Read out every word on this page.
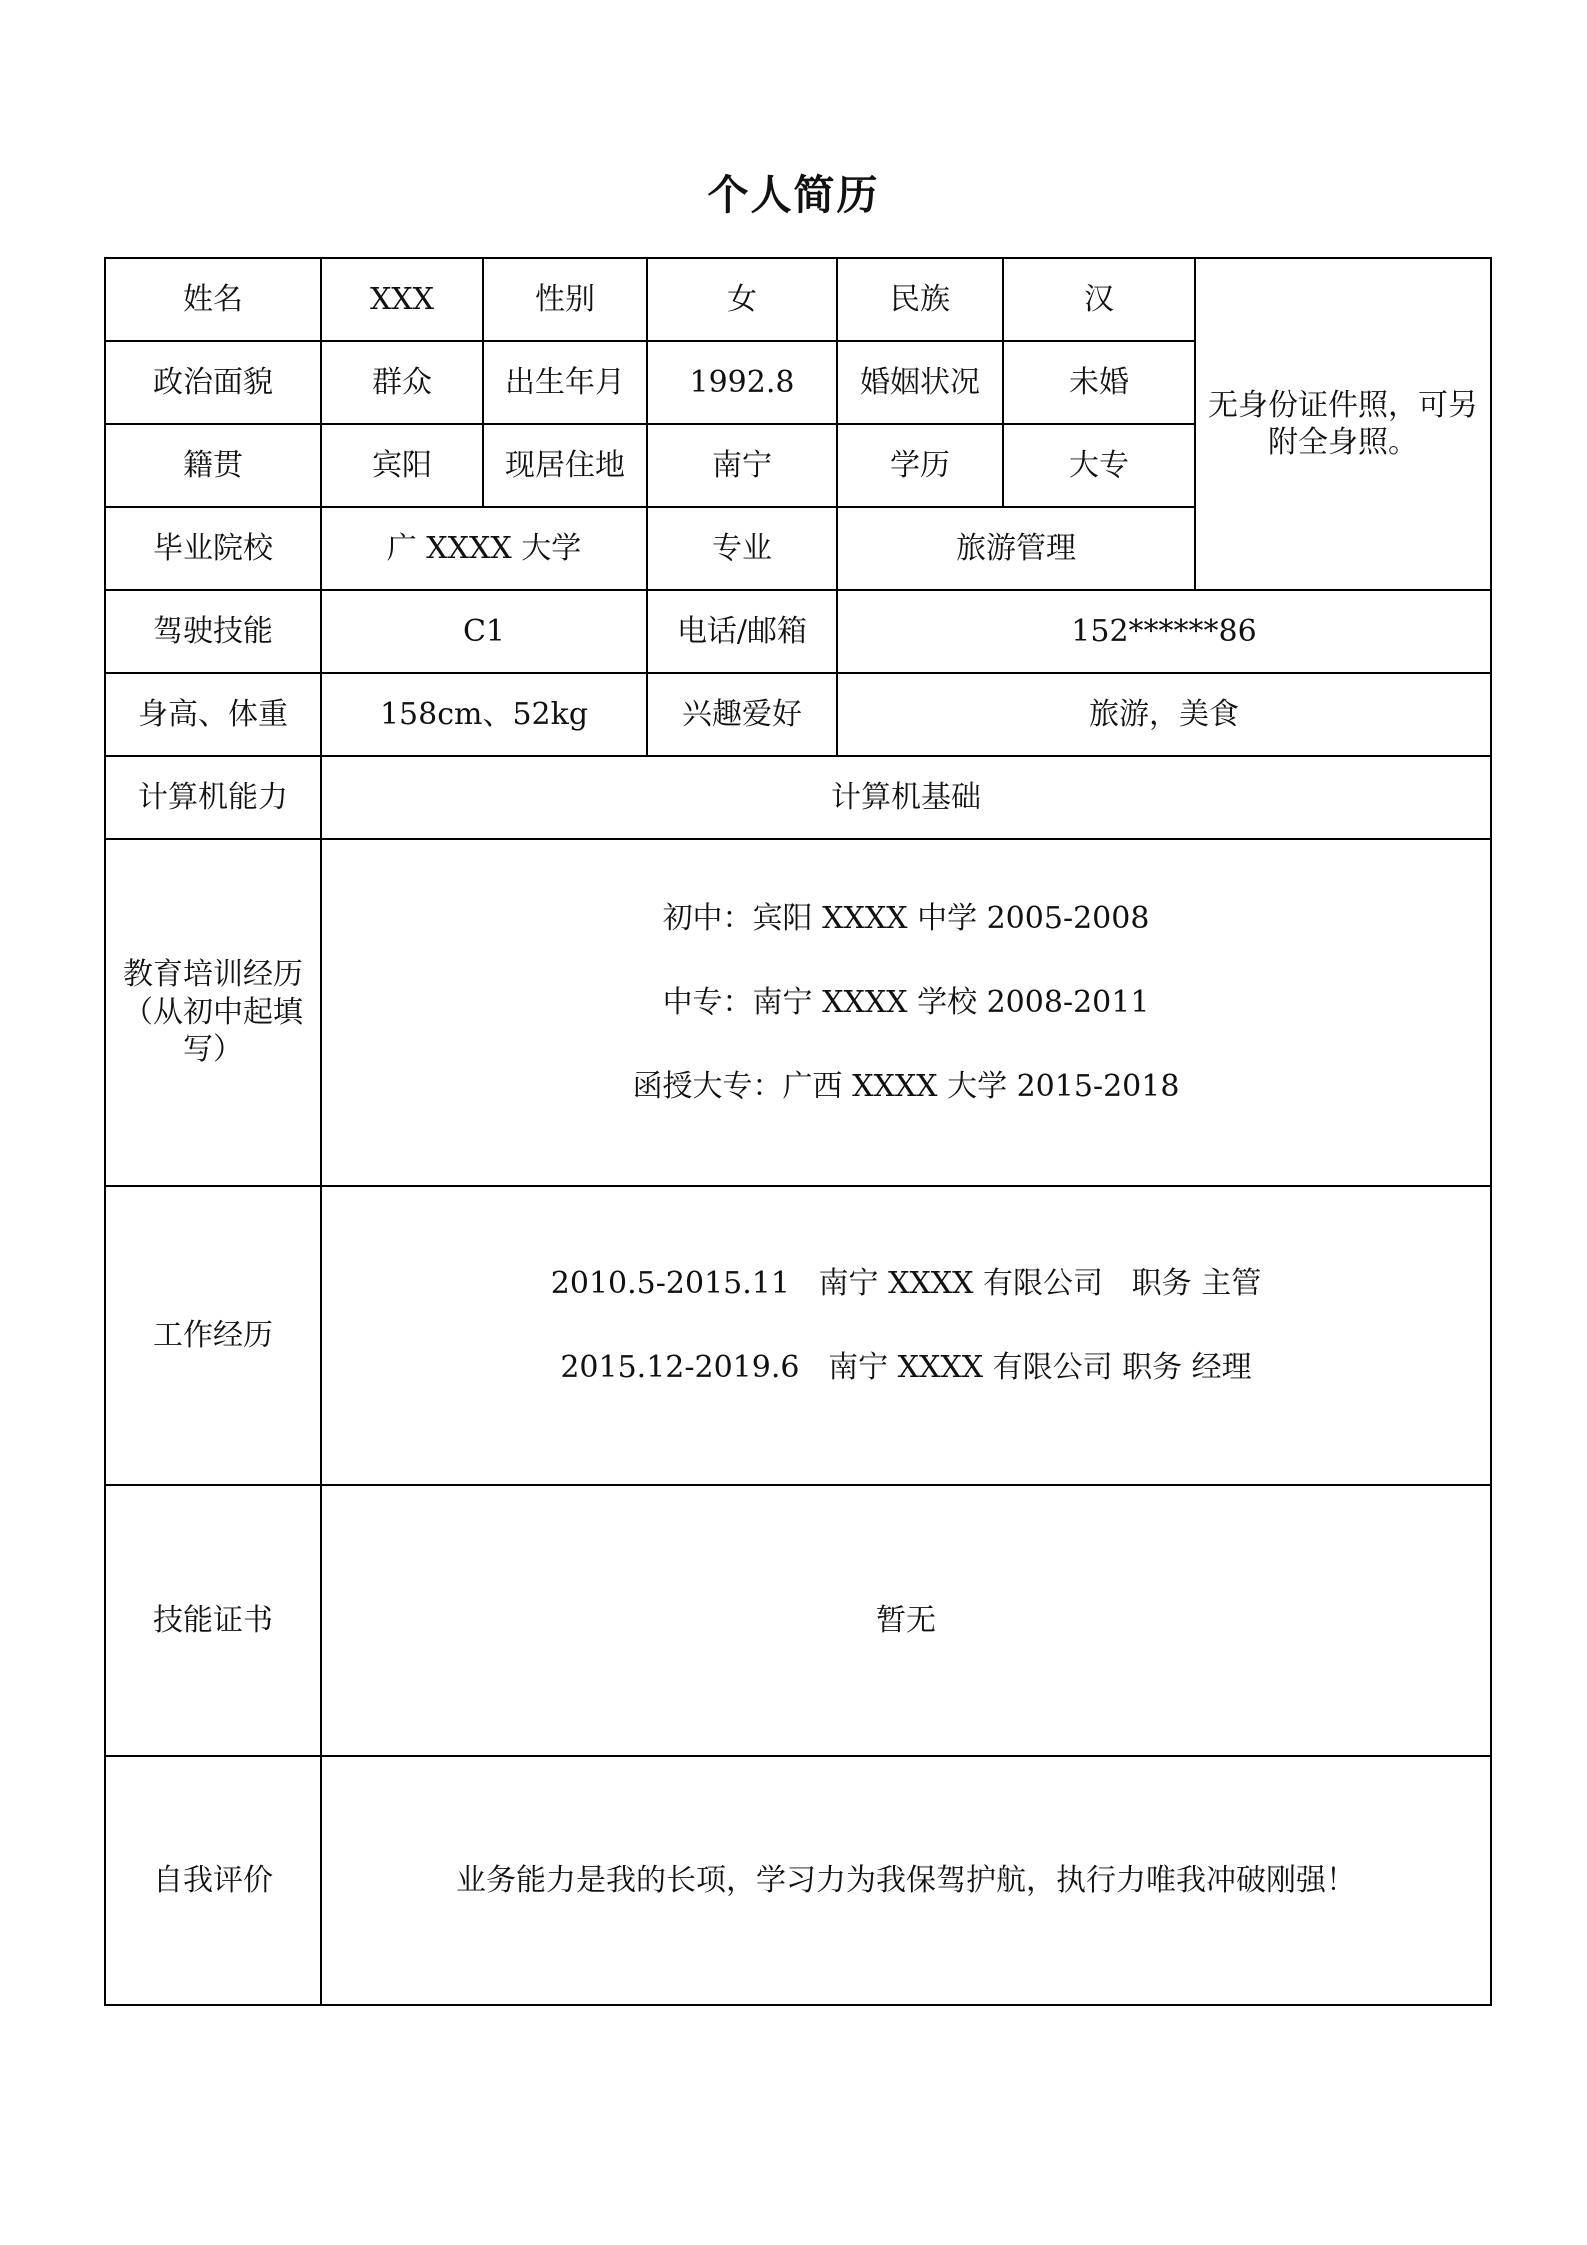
个人简历
姓名	XXX	性别	女	民族	汉	无身份证件照，可另附全身照。
政治面貌	群众	出生年月	1992.8	婚姻状况	未婚	
籍贯	宾阳	现居住地	南宁	学历	大专	
毕业院校	广 XXXX 大学		专业	旅游管理		
驾驶技能	C1		电话/邮箱	152******86		
身高、体重	158cm、52kg		兴趣爱好	旅游，美食		
计算机能力	计算机基础					
教育培训经历（从初中起填写）	初中：宾阳 XXXX 中学 2005-2008
中专：南宁 XXXX 学校 2008-2011
函授大专：广西 XXXX 大学 2015-2018					

工作经历	2010.5-2015.11   南宁 XXXX 有限公司   职务 主管
2015.12-2019.6   南宁 XXXX 有限公司 职务 经理					

技能证书	暂无					

自我评价	业务能力是我的长项，学习力为我保驾护航，执行力唯我冲破刚强！					
